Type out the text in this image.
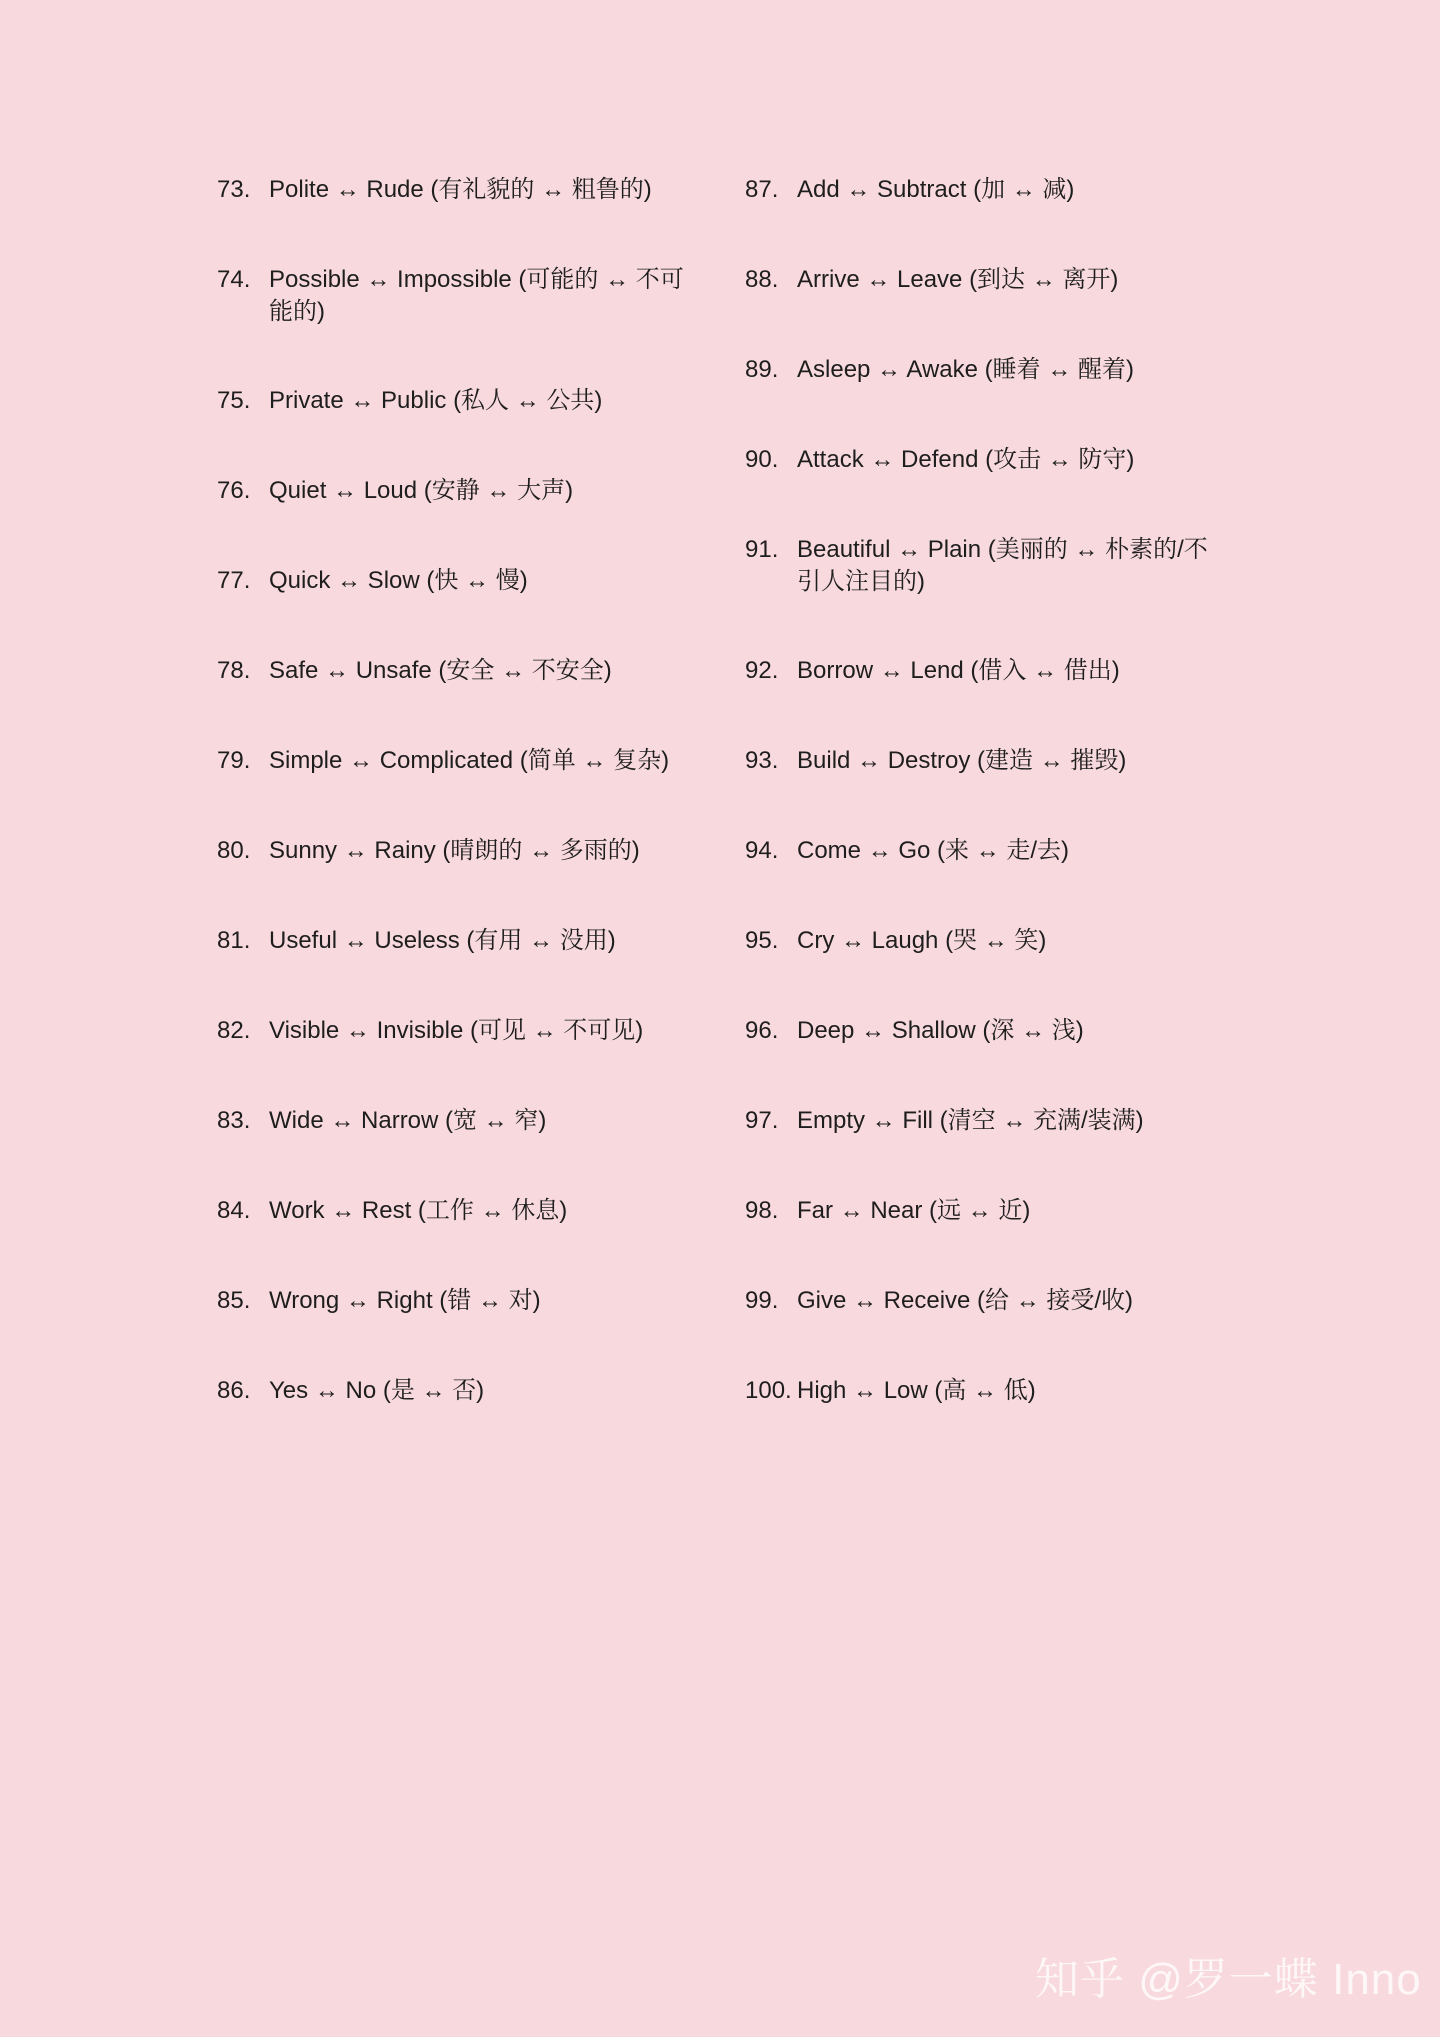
73. Polite ↔ Rude (有礼貌的 ↔ 粗鲁的)
74. Possible ↔ Impossible (可能的 ↔ 不可能的)
75. Private ↔ Public (私人 ↔ 公共)
76. Quiet ↔ Loud (安静 ↔ 大声)
77. Quick ↔ Slow (快 ↔ 慢)
78. Safe ↔ Unsafe (安全 ↔ 不安全)
79. Simple ↔ Complicated (简单 ↔ 复杂)
80. Sunny ↔ Rainy (晴朗的 ↔ 多雨的)
81. Useful ↔ Useless (有用 ↔ 没用)
82. Visible ↔ Invisible (可见 ↔ 不可见)
83. Wide ↔ Narrow (宽 ↔ 窄)
84. Work ↔ Rest (工作 ↔ 休息)
85. Wrong ↔ Right (错 ↔ 对)
86. Yes ↔ No (是 ↔ 否)
87. Add ↔ Subtract (加 ↔ 减)
88. Arrive ↔ Leave (到达 ↔ 离开)
89. Asleep ↔ Awake (睡着 ↔ 醒着)
90. Attack ↔ Defend (攻击 ↔ 防守)
91. Beautiful ↔ Plain (美丽的 ↔ 朴素的/不引人注目的)
92. Borrow ↔ Lend (借入 ↔ 借出)
93. Build ↔ Destroy (建造 ↔ 摧毁)
94. Come ↔ Go (来 ↔ 走/去)
95. Cry ↔ Laugh (哭 ↔ 笑)
96. Deep ↔ Shallow (深 ↔ 浅)
97. Empty ↔ Fill (清空 ↔ 充满/装满)
98. Far ↔ Near (远 ↔ 近)
99. Give ↔ Receive (给 ↔ 接受/收)
100. High ↔ Low (高 ↔ 低)
知乎 @罗一蝶 Inno
